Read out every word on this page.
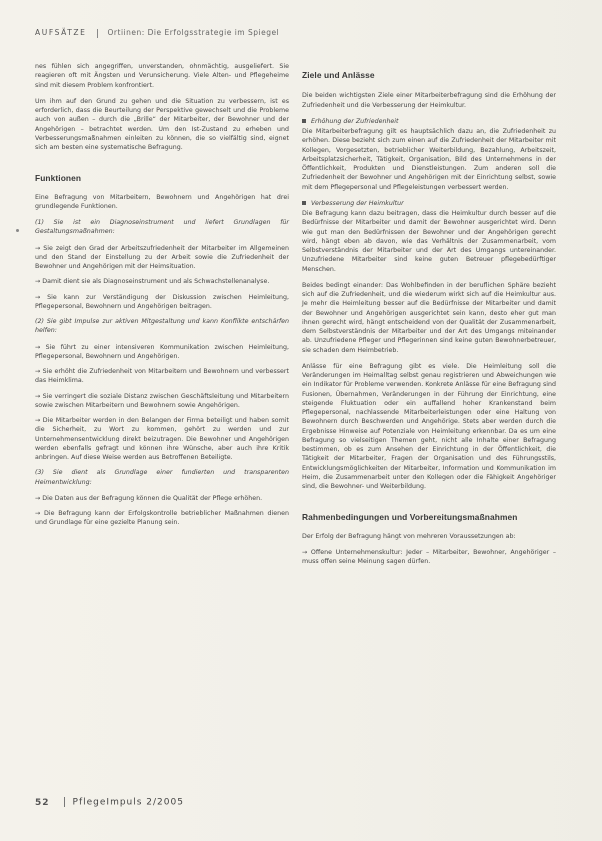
AUFSÄTZE	Ortiinen: Die Erfolgsstrategie im Spiegel

nes fühlen sich angegriffen, unverstanden, ohnmächtig, ausgeliefert. Sie reagieren oft mit Ängsten und Verunsicherung. Viele Alten- und Pflegeheime sind mit diesem Problem konfrontiert.

Um ihm auf den Grund zu gehen und die Situation zu verbessern, ist es erforderlich, dass die Beurteilung der Perspektive gewechselt und die Probleme auch von außen – durch die „Brille“ der Mitarbeiter, der Bewohner und der Angehörigen – betrachtet werden. Um den Ist-Zustand zu erheben und Verbesserungsmaßnahmen einleiten zu können, die so vielfältig sind, eignet sich am besten eine systematische Befragung.

Funktionen

Eine Befragung von Mitarbeitern, Bewohnern und Angehörigen hat drei grundlegende Funktionen.

(1) Sie ist ein Diagnoseinstrument und liefert Grundlagen für Gestaltungsmaßnahmen:

→ Sie zeigt den Grad der Arbeitszufriedenheit der Mitarbeiter im Allgemeinen und den Stand der Einstellung zu der Arbeit sowie die Zufriedenheit der Bewohner und Angehörigen mit der Heimsituation.

→ Damit dient sie als Diagnoseinstrument und als Schwachstellenanalyse.

→ Sie kann zur Verständigung der Diskussion zwischen Heimleitung, Pflegepersonal, Bewohnern und Angehörigen beitragen.

(2) Sie gibt Impulse zur aktiven Mitgestaltung und kann Konflikte entschärfen helfen:

→ Sie führt zu einer intensiveren Kommunikation zwischen Heimleitung, Pflegepersonal, Bewohnern und Angehörigen.

→ Sie erhöht die Zufriedenheit von Mitarbeitern und Bewohnern und verbessert das Heimklima.

→ Sie verringert die soziale Distanz zwischen Geschäftsleitung und Mitarbeitern sowie zwischen Mitarbeitern und Bewohnern sowie Angehörigen.

→ Die Mitarbeiter werden in den Belangen der Firma beteiligt und haben somit die Sicherheit, zu Wort zu kommen, gehört zu werden und zur Unternehmensentwicklung direkt beizutragen. Die Bewohner und Angehörigen werden ebenfalls gefragt und können ihre Wünsche, aber auch ihre Kritik anbringen. Auf diese Weise werden aus Betroffenen Beteiligte.

(3) Sie dient als Grundlage einer fundierten und transparenten Heimentwicklung:

→ Die Daten aus der Befragung können die Qualität der Pflege erhöhen.

→ Die Befragung kann der Erfolgskontrolle betrieblicher Maßnahmen dienen und Grundlage für eine gezielte Planung sein.

Ziele und Anlässe

Die beiden wichtigsten Ziele einer Mitarbeiterbefragung sind die Erhöhung der Zufriedenheit und die Verbesserung der Heimkultur.

Erhöhung der Zufriedenheit

Die Mitarbeiterbefragung gilt es hauptsächlich dazu an, die Zufriedenheit zu erhöhen. Diese bezieht sich zum einen auf die Zufriedenheit der Mitarbeiter mit Kollegen, Vorgesetzten, betrieblicher Weiterbildung, Bezahlung, Arbeitszeit, Arbeitsplatzsicherheit, Tätigkeit, Organisation, Bild des Unternehmens in der Öffentlichkeit, Produkten und Dienstleistungen. Zum anderen soll die Zufriedenheit der Bewohner und Angehörigen mit der Einrichtung selbst, sowie mit dem Pflegepersonal und Pflegeleistungen verbessert werden.

Verbesserung der Heimkultur

Die Befragung kann dazu beitragen, dass die Heimkultur durch besser auf die Bedürfnisse der Mitarbeiter und damit der Bewohner ausgerichtet wird. Denn wie gut man den Bedürfnissen der Bewohner und der Angehörigen gerecht wird, hängt eben ab davon, wie das Verhältnis der Zusammenarbeit, vom Selbstverständnis der Mitarbeiter und der Art des Umgangs untereinander. Unzufriedene Mitarbeiter sind keine guten Betreuer pflegebedürftiger Menschen.

Beides bedingt einander: Das Wohlbefinden in der beruflichen Sphäre bezieht sich auf die Zufriedenheit, und die wiederum wirkt sich auf die Heimkultur aus. Je mehr die Heimleitung besser auf die Bedürfnisse der Mitarbeiter und damit der Bewohner und Angehörigen ausgerichtet sein kann, desto eher gut man ihnen gerecht wird, hängt entscheidend von der Qualität der Zusammenarbeit, dem Selbstverständnis der Mitarbeiter und der Art des Umgangs miteinander ab. Unzufriedene Pfleger und Pflegerinnen sind keine guten Bewohnerbetreuer, sie schaden dem Heimbetrieb.

Anlässe für eine Befragung gibt es viele. Die Heimleitung soll die Veränderungen im Heimalltag selbst genau registrieren und Abweichungen wie ein Indikator für Probleme verwenden. Konkrete Anlässe für eine Befragung sind Fusionen, Übernahmen, Veränderungen in der Führung der Einrichtung, eine steigende Fluktuation oder ein auffallend hoher Krankenstand beim Pflegepersonal, nachlassende Mitarbeiterleistungen oder eine Haltung von Bewohnern durch Beschwerden und Angehörige. Stets aber werden durch die Ergebnisse Hinweise auf Potenziale von Heimleitung erkennbar. Da es um eine Befragung so vielseitigen Themen geht, nicht alle Inhalte einer Befragung bestimmen, ob es zum Ansehen der Einrichtung in der Öffentlichkeit, die Tätigkeit der Mitarbeiter, Fragen der Organisation und des Führungsstils, Entwicklungsmöglichkeiten der Mitarbeiter, Information und Kommunikation im Heim, die Zusammenarbeit unter den Kollegen oder die Fähigkeit Angehöriger sind, die Bewohner- und Weiterbildung.

Rahmenbedingungen und Vorbereitungsmaßnahmen

Der Erfolg der Befragung hängt von mehreren Voraussetzungen ab:

→ Offene Unternehmenskultur: Jeder – Mitarbeiter, Bewohner, Angehöriger – muss offen seine Meinung sagen dürfen.

52	PflegeImpuls 2/2005
